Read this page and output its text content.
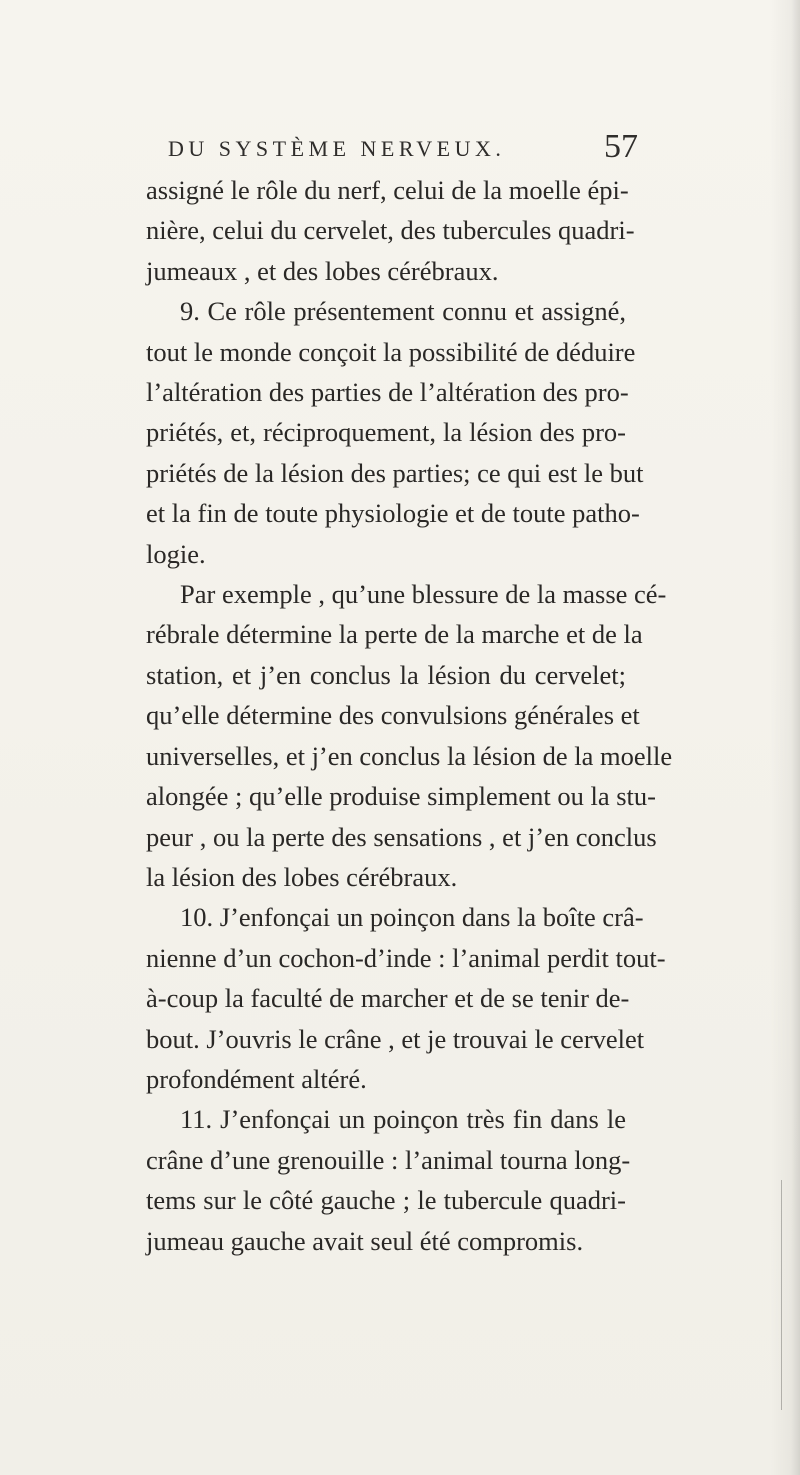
DU SYSTÈME NERVEUX.	57
assigné le rôle du nerf, celui de la moelle épi-
nière, celui du cervelet, des tubercules quadri-
jumeaux , et des lobes cérébraux.
9. Ce rôle présentement connu et assigné,
tout le monde conçoit la possibilité de déduire
l’altération des parties de l’altération des pro-
priétés, et, réciproquement, la lésion des pro-
priétés de la lésion des parties; ce qui est le but
et la fin de toute physiologie et de toute patho-
logie.
Par exemple , qu’une blessure de la masse cé-
rébrale détermine la perte de la marche et de la
station, et j’en conclus la lésion du cervelet;
qu’elle détermine des convulsions générales et
universelles, et j’en conclus la lésion de la moelle
alongée ; qu’elle produise simplement ou la stu-
peur , ou la perte des sensations , et j’en conclus
la lésion des lobes cérébraux.
10. J’enfonçai un poinçon dans la boîte crâ-
nienne d’un cochon-d’inde : l’animal perdit tout-
à-coup la faculté de marcher et de se tenir de-
bout. J’ouvris le crâne , et je trouvai le cervelet
profondément altéré.
11. J’enfonçai un poinçon très fin dans le
crâne d’une grenouille : l’animal tourna long-
tems sur le côté gauche ; le tubercule quadri-
jumeau gauche avait seul été compromis.
